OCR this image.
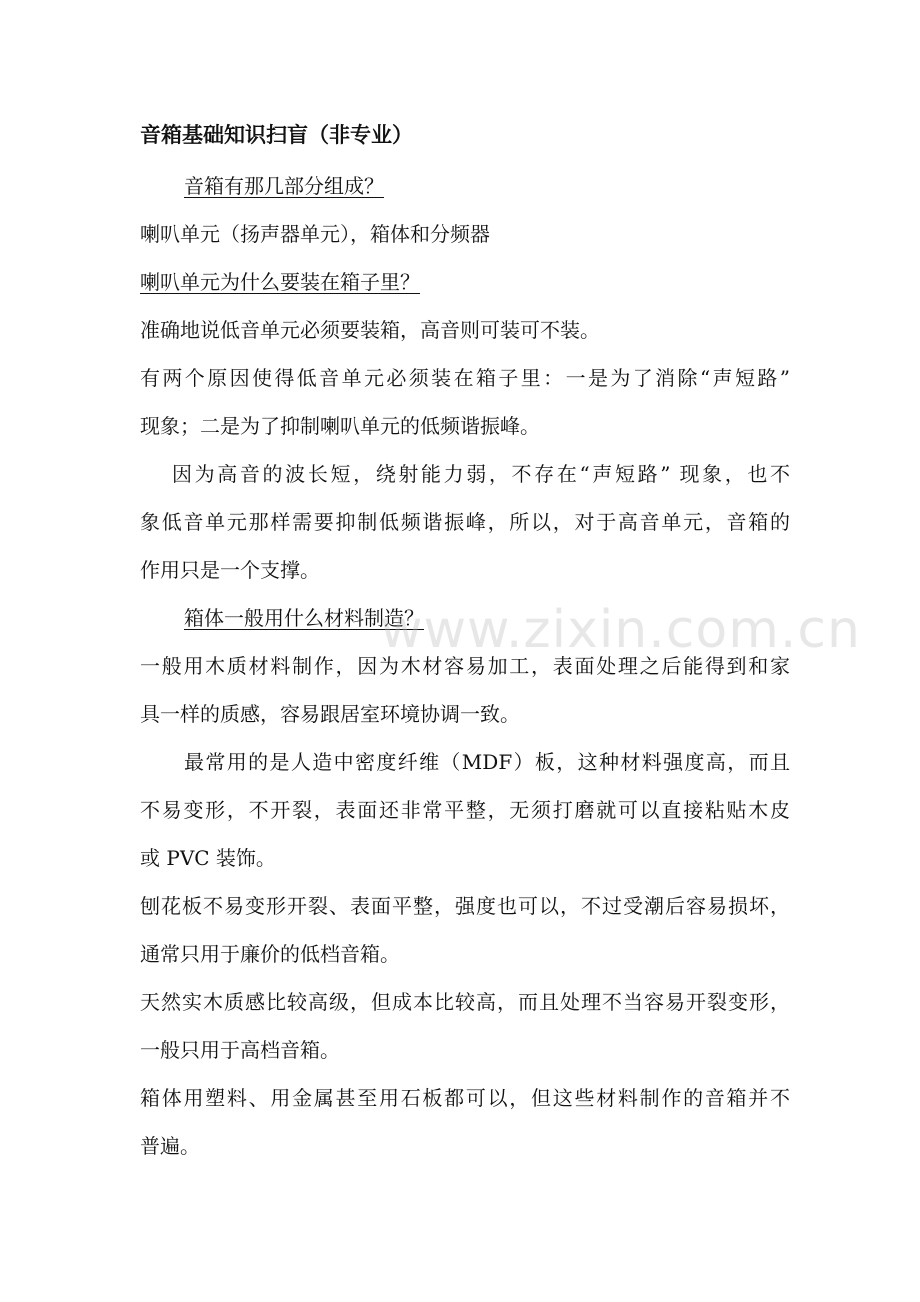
音箱基础知识扫盲（非专业）
音箱有那几部分组成？
喇叭单元（扬声器单元），箱体和分频器
喇叭单元为什么要装在箱子里？
准确地说低音单元必须要装箱，高音则可装可不装。
有两个原因使得低音单元必须装在箱子里：一是为了消除“声短路”
现象；二是为了抑制喇叭单元的低频谐振峰。
因为高音的波长短，绕射能力弱，不存在“声短路” 现象，也不
象低音单元那样需要抑制低频谐振峰，所以，对于高音单元，音箱的
作用只是一个支撑。
箱体一般用什么材料制造？
一般用木质材料制作，因为木材容易加工，表面处理之后能得到和家
具一样的质感，容易跟居室环境协调一致。
最常用的是人造中密度纤维（MDF）板，这种材料强度高，而且
不易变形，不开裂，表面还非常平整，无须打磨就可以直接粘贴木皮
或 PVC 装饰。
刨花板不易变形开裂、表面平整，强度也可以，不过受潮后容易损坏，
通常只用于廉价的低档音箱。
天然实木质感比较高级，但成本比较高，而且处理不当容易开裂变形，
一般只用于高档音箱。
箱体用塑料、用金属甚至用石板都可以，但这些材料制作的音箱并不
普遍。
www.zixin.com.cn
